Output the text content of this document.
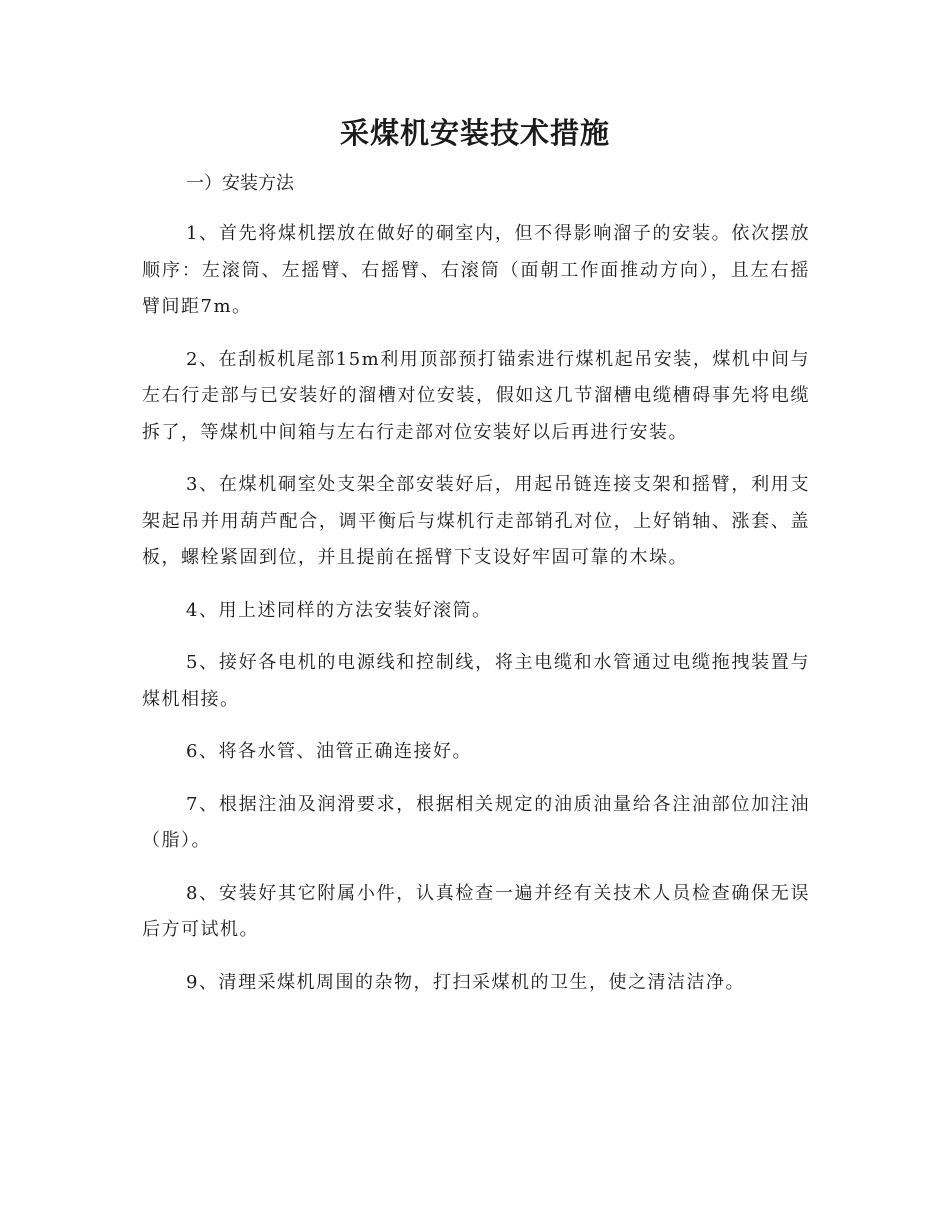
采煤机安装技术措施

一）安装方法

1、首先将煤机摆放在做好的硐室内，但不得影响溜子的安装。依次摆放顺序：左滚筒、左摇臂、右摇臂、右滚筒（面朝工作面推动方向），且左右摇臂间距7m。

2、在刮板机尾部15m利用顶部预打锚索进行煤机起吊安装，煤机中间与左右行走部与已安装好的溜槽对位安装，假如这几节溜槽电缆槽碍事先将电缆拆了，等煤机中间箱与左右行走部对位安装好以后再进行安装。

3、在煤机硐室处支架全部安装好后，用起吊链连接支架和摇臂，利用支架起吊并用葫芦配合，调平衡后与煤机行走部销孔对位，上好销轴、涨套、盖板，螺栓紧固到位，并且提前在摇臂下支设好牢固可靠的木垛。

4、用上述同样的方法安装好滚筒。

5、接好各电机的电源线和控制线，将主电缆和水管通过电缆拖拽装置与煤机相接。

6、将各水管、油管正确连接好。

7、根据注油及润滑要求，根据相关规定的油质油量给各注油部位加注油（脂）。

8、安装好其它附属小件，认真检查一遍并经有关技术人员检查确保无误后方可试机。

9、清理采煤机周围的杂物，打扫采煤机的卫生，使之清洁洁净。
